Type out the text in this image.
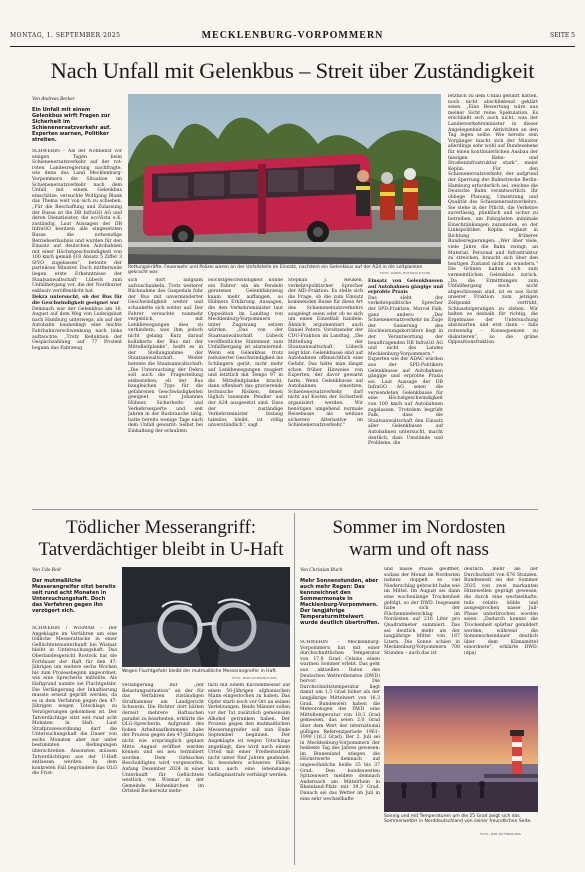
MONTAG, 1. SEPTEMBER 2025	MECKLENBURG-VORPOMMERN	SEITE 5
Nach Unfall mit Gelenkbus – Streit über Zuständigkeit
Von Andreas Becker
Ein Unfall mit einem Gelenkbus wirft Fragen zur Sicherheit im Schienenersatzverkehr auf. Experten warnen, Politiker streiten.

SCHWERIN – Als der Notdienst vor einigen Tagen beim Schienenersatzverkehr auf der rot-roten Landesregierung nachfragte, wie denn das Land Mecklenburg-Vorpommern die Situation im Schienenersatzverkehr nach dem Unfall mit einem Gelenkbus einschätze, versuchte Wolfgang Blank das Thema weit von sich zu schieben. „Für die Beschaffung und Zulassung der Busse ist die DB InfraGO AG und deren Dienstleister, die ecoVista e.K. zuständig. Laut Aussagen der DB InfraGO besitzen alle eingesetzten Busse die notwendige Betriebserlaubnis und wurden für den Einsatz auf deutschen Autobahnen mit einer Höchstgeschwindigkeit von 100 km/h gemäß §18 Absatz 5 Ziffer 3 StVO zugelassen“, betonte der parteilose Minister. Doch mittlerweile liegen erste Erkenntnisse der Staatsanwaltschaft Lübeck zum Unfallhergang vor, die der Nordkurier exklusiv veröffentlicht hat.

Dekra untersucht, ob der Bus für die Geschwindigkeit geeignet war

Demnach war der Gelenkbus am 16. August auf dem Weg von Ludwigslust nach Hamburg unterwegs, als auf der Autobahn bauhedingt eine leichte Fahrbahnverschwenkung nach links auftauchte. „Trotz Reduktion der Gespächzahlung auf 77 Prozent begann das Fahrzeug

Rettungskräfte, Feuerwehr und Polizei waren an der Unfallstelle im Einsatz, nachdem ein Gelenkbus auf der A24 in die Leitplanken gekracht war.	FOTO: DANIEL BOCKWOLDT/DPA
sich dort langsam aufzuschaukeln. Trotz weiterer Rücknahme des Gaspedals fuhr der Bus mit unverminderter Geschwindigkeit weiter und schaukelte sich weiter auf. Der Fahrer versuchte nunmehr vergeblich, mit Lenkbewegungen dies zu verhindern, was ihm jedoch nicht gelang. Kurz darauf kollidierte der Bus mit der Mittelleitplanke“, heißt es in der Stellungnahme der Staatsanwaltschaft. Weiter betonte die Staatsanwaltschaft: „Die Untersuchung der Dekra soll auch die Fragestellung einbeziehen, ob der Bus baugleichen Typs für die gefahrenen Geschwindigkeiten geeignet war.“ Johannes Hübner, Sicherheits- und Verkehrsexperte und seit Jahren in der Busbranche tätig, hatte bereits wenige Tage nach dem Unfall gewarnt: Selbst bei Einhaltung der erlaubten
Höchstgeschwindigkeit könne ein Fahrer ein im Pendeln geratenes Gelenkfahrzeug kaum mehr auffangen, so Hübners Erklärung. Aussagen, die den Verkehrsminister laut Opposition im Landtag von Mecklenburg-Vorpommern unter Zugzwang setzen würden. „Das von der Staatsanwaltschaft Lübeck veröffentlichte Statement zum Unfallhergang ist alarmierend. Wenn ein Gelenkbus trotz reduzierter Geschwindigkeit ins Schlingern gerät, nicht mehr auf Lenkbewegungen reagiert und letztlich mit Tempo 97 in die Mittelleitplanke kracht, dann offenbart das gravierende technische Risiken, denen täglich tausende Pendler auf der A24 ausgesetzt sind. Dass der zuständige Verkehrsminister bislang tatenlos bleibt, ist völlig unverständlich“, sagt
Stephan J. Reuken, verkehrspolitischer Sprecher der AfD-Fraktion. Es stelle sich die Frage, ob die zum Einsatz kommenden Busse für diese Art des Schienenersatzverkehrs ausgelegt seien oder ob es sich um einen Einzelfall handele. Ähnlich argumentiert auch Daniel Peters, Vorsitzender der CDU-Fraktion im Landtag. „Die Mitteilung der Staatsanwaltschaft Lübeck zeigt klar: Gelenkbusse sind auf Autobahnen offensichtlich eine Gefahr. Das hätte man längst schon früher Hinweise von Experten, der davor gewarnt hatte. Wenn Gelenkbusse auf Autobahnen einsetzen, Schienenersatzverkehr darf nicht auf Kosten der Sicherheit organisiert werden. Wir benötigen umgehend normale Reisebusse als weitaus sicherere Alternative im Schienenersatzverkehr.“

Einsatz von Gelenkbussen auf Autobahnen gängige und erprobte Praxis

Das sieht der verkehrspolitische Sprecher der SPD-Fraktion, Marcel Falk, ganz anders: „Der Schienenersatzverkehr im Zuge der Sanierung des Hochleistungskorridors liegt in der Verantwortung der beauftragenden DB InfraGO AG und nicht des Landes Mecklenburg-Vorpommern.“ Experten wie der ADAC würden aus der SPD-Politikers Gelenkbusse auf Autobahnen gängige und erprobte Praxis sei. Laut Aussage der DB InfraGO AG seien die verwendeten Gelenkbusse für eine Höchstgeschwindigkeit von 100 km/h auf Autobahnen zugelassen. Trotzdem begrüßt Falk, dass die Staatsanwaltschaft den Einsatz aller Gelenkbusse auf Autobahnen untersucht, macht deutlich, dass Umstände und Probleme, die

letztlich zu dem Unfall geführt hätten, noch nicht abschließend geklärt seien. „Eine Bewertung wäre aus meiner Sicht reine Spekulation. Es erschließt sich auch nicht, was der Landesverkehrsminister in dieser Angelegenheit an Aktivitäten an den Tag legen sollte. Wie bereits sein Vorgänger macht sich der Minister allerdings sehr wohl auf Bundesebene für einen kontinuierlichen Ausbau der hiesigen Bahn- und Straßeninfrastruktur stark“, meint Keplin. Für den Schienenersatzverkehr, der aufgrund der Sperrung der Bahnstrecke Berlin-Hamburg erforderlich sei, zeichne die Deutsche Bahn verantwortlich. Ihr obliege Planung, Umsetzung und Qualität des Schienenersatzverkehrs. Sie stehe in der Pflicht, die Verkehre zuverlässig, pünktlich und sicher zu betreiben, um Fahrgästen minimale Einschränkungen zuzumuten, so der Linkspolitiker. Keplin ergänzt in Richtung früherer Bundesregierungen: „Wer über viele, viele Jahre die Bahn zwingt, an Material, Personal und Infrastruktur zu streichen, braucht sich über den heutigen Zustand nicht zu wundern.“ Die Grünen halten sich zum vermeintlichen Gelenkbus zurück. „Da die Ermittlungen zum Unfallhergang noch nicht abgeschlossen sind, ist es aus Sicht unserer Fraktion zum jetzigen Zeitpunkt verfrüht, Schlussfolgerungen zu ziehen. Wir halten es deshalb für richtig, die Ergebnisse der Untersuchung abzuwarten und erst dann – falls notwendig – Konsequenzen zu diskutieren“, so die grüne Oppositionsfraktion.
Tödlicher Messerangriff:
Tatverdächtiger bleibt in U-Haft
Von Udo Roll
Der mutmaßliche Messerangreifer sitzt bereits seit rund acht Monaten in Untersuchungshaft. Doch das Verfahren gegen ihn verzögert sich.
SCHWERIN / WISMAR – Der Angeklagte im Verfahren um eine tödliche Messerattacke in einer Geflüchtetenunterkunft bei Wismar bleibt in Untersuchungshaft. Das Oberlandesgericht Rostock hat die Fortdauer der Haft für den 47-Jährigen um weitere sechs Wochen bis zum Prozessbeginn angeordnet, wie eine Sprecherin mitteilte. Als Haftgrund nannte sie Fluchtgefahr. Die Verlängerung der Inhaftierung musste erneut geprüft werden, da es in dem Verfahren gegen den 47-Jährigen wegen Totschlags zu Verzögerungen gekommen ist. Der Tatverdächtige sitzt seit rund acht Monaten in Haft. Laut Strafprozessordnung darf die Untersuchungshaft die Dauer von sechs Monaten aber nur unter bestimmten Bedingungen überschreiten. Ansonsten müssen Tatverdächtigen aus der U-Haft entlassen werden. In dem konkreten Fall begründete das OLG die Frist-
Wegen Fluchtgefahr bleibt der mutmaßliche Messerangreifer in Haft.
FOTO: MARCUS BRANDT/DPA
verlängerung mit „der Belastungssituation“ an der für das Verfahren zuständigen Strafkammer am Landgericht Schwerin. Die Richter dort hätten derzeit mehrere Haftsachen parallel zu bearbeiten, erklärte die OLG-Sprecherin. Aufgrund des hohen Arbeitsaufkommens habe der Prozess gegen den 47-Jährigen nicht wie ursprünglich geplant Mitte August eröffnet werden können und sei neu terminiert worden. Dem türkischen Beschuldigten wird vorgeworfen, Anfang Dezember 2024 in einer Unterkunft für Geflüchtete westlich von Wismar in der Gemeinde Hohenkirchen im Ortsteil Beckerwitz mehr-
fach mit einem Küchenmesser auf einen 50-Jährigen afghanischen Mann eingestochen zu haben. Das Opfer starb noch vor Ort an seinen Verletzungen. Beide Männer sollen vor der Tat zusätzlich gemeinsam Alkohol getrunken haben. Der Prozess gegen den mutmaßlichen Messerangreifer soll nun Ende September beginnen. Der Angeklagte ist wegen Totschlags angeklagt, dies wird nach einem Urteil mit einer Freiheitsstrafe nicht unter fünf Jahren geahndet. In besonders schweren Fällen kann auch eine lebenslange Gefängnisstrafe verhängt werden.
Sommer im Nordosten
warm und oft nass
Von Christian Risch
Mehr Sonnenstunden, aber auch mehr Regen: Das kennzeichnet den Sommermonate in Mecklenburg-Vorpommern. Der langjährige Temperaturmittelwert wurde deutlich übertroffen.
SCHWERIN – Mecklenburg-Vorpommern hat mit einer durchschnittlichen Temperatur von 17,8 Grad Celsius einen warmen Sommer erlebt. Das geht aus aktuellen Daten des Deutschen Wetterdienstes (DWD) hervor. Die Durchschnittstemperatur liegt damit um 1,5 Grad höher als der langjährige Mittelwert von 16,3 Grad. Bundesweit haben die Meteorologen des DWD eine Mitteltemperatur von 18,3 Grad gemessen, das seien 2,0 Grad über dem Wert der international gültigen Referenzperiode 1961–1990 (16,3 Grad). Der 2. Juli sei in Mecklenburg-Vorpommern der heißeste Tag des Jahres gewesen: im Binnenland stiegen die Höchstwerte demnach auf ungewöhnliche heiße 35 bis 37 Grad. Den bundesweiten Spitzenwert meldete demnach Andernach am Mittelrhein in Rheinland-Pfalz mit 39,3 Grad. Danach sei das Wetter im Juli in eine sehr wechselhafte
und nasse Phase geöffnet, sodass der Monat im Nordosten nahezu doppelt so viel Niederschlag gebracht habe wie im Mittel. Im August sei dann eine wochenlange Trockenheit gefolgt, so der DWD. Insgesamt habe sich der Flächenniederschlag im Nordosten auf 216 Liter pro Quadratmeter summiert. Das sei deutlich mehr als der langjährige Mittel von 187 Litern. Die Sonne schien in Mecklenburg-Vorpommern 708 Stunden – auch das ist
deutlich mehr als der Durchschnitt von 676 Stunden. Bundesweit sei der Sommer 2025 von zwei markanten Hitzewellen geprägt gewesen, die durch eine wechselhafte, teils relativ kühle und ausgesprochen nasse Juli-Phase unterbrochen worden seien. „Dadurch konnte die Trockenheit spürbar gemildert werden, während die Sonnenscheindauer deutlich über dem Klimamittel einordnete“, erklärte DWD. (dpa)
Sonnig und mit Temperaturen um die 25 Grad zeigt sich das Sommerwetter in Norddeutschland von seiner freundlichen Seite.
FOTO: JENS BÜTTNER/DPA
